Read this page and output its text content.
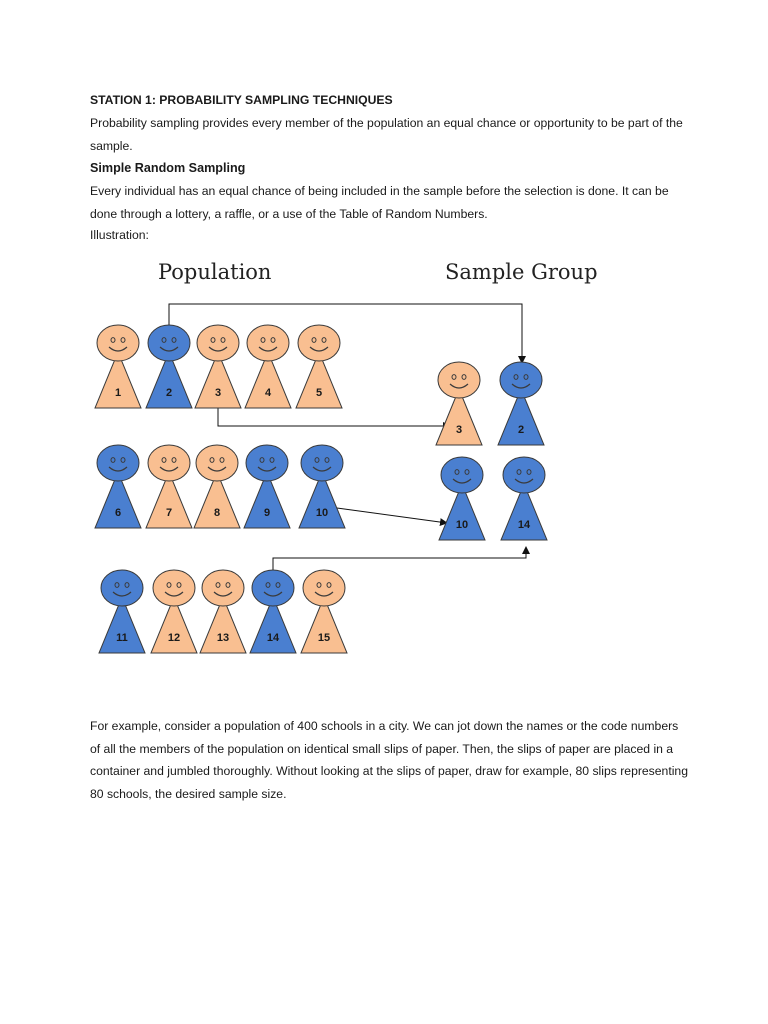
STATION 1: PROBABILITY SAMPLING TECHNIQUES
Probability sampling provides every member of the population an equal chance or opportunity to be part of the sample.
Simple Random Sampling
Every individual has an equal chance of being included in the sample before the selection is done. It can be done through a lottery, a raffle, or a use of the Table of Random Numbers.
Illustration:
Population	Sample Group
1	2	3	4	5
6	7	8	9	10
11	12	13	14	15
3	2
10	14
For example, consider a population of 400 schools in a city. We can jot down the names or the code numbers of all the members of the population on identical small slips of paper. Then, the slips of paper are placed in a container and jumbled thoroughly. Without looking at the slips of paper, draw for example, 80 slips representing 80 schools, the desired sample size.
